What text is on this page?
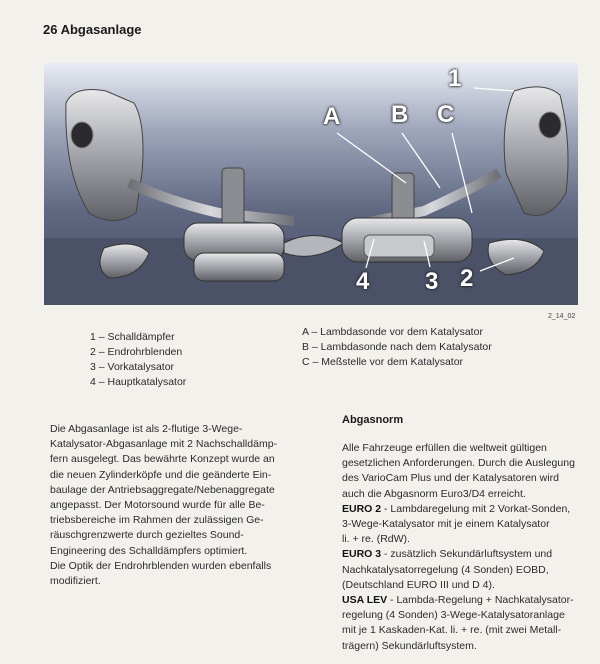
26 Abgasanlage
1
A B C
4 3 2
2_14_02
1 – Schalldämpfer
2 – Endrohrblenden
3 – Vorkatalysator
4 – Hauptkatalysator
A – Lambdasonde vor dem Katalysator
B – Lambdasonde nach dem Katalysator
C – Meßstelle vor dem Katalysator

Die Abgasanlage ist als 2-flutige 3-Wege-

Katalysator-Abgasanlage mit 2 Nachschalldämp-

fern ausgelegt. Das bewährte Konzept wurde an

die neuen Zylinderköpfe und die geänderte Ein-

baulage der Antriebsaggregate/Nebenaggregate

angepasst. Der Motorsound wurde für alle Be-

triebsbereiche im Rahmen der zulässigen Ge-

räuschgrenzwerte durch gezieltes Sound-

Engineering des Schalldämpfers optimiert.

Die Optik der Endrohrblenden wurden ebenfalls

modifiziert.

Abgasnorm

Alle Fahrzeuge erfüllen die weltweit gültigen

gesetzlichen Anforderungen. Durch die Auslegung

des VarioCam Plus und der Katalysatoren wird

auch die Abgasnorm Euro3/D4 erreicht.

EURO 2 - Lambdaregelung mit 2 Vorkat-Sonden,

3-Wege-Katalysator mit je einem Katalysator

li. + re. (RdW).

EURO 3 - zusätzlich Sekundärluftsystem und

Nachkatalysatorregelung (4 Sonden) EOBD,

(Deutschland EURO III und D 4).

USA LEV - Lambda-Regelung + Nachkatalysator-

regelung (4 Sonden) 3-Wege-Katalysatoranlage

mit je 1 Kaskaden-Kat. li. + re. (mit zwei Metall-

trägern) Sekundärluftsystem.
